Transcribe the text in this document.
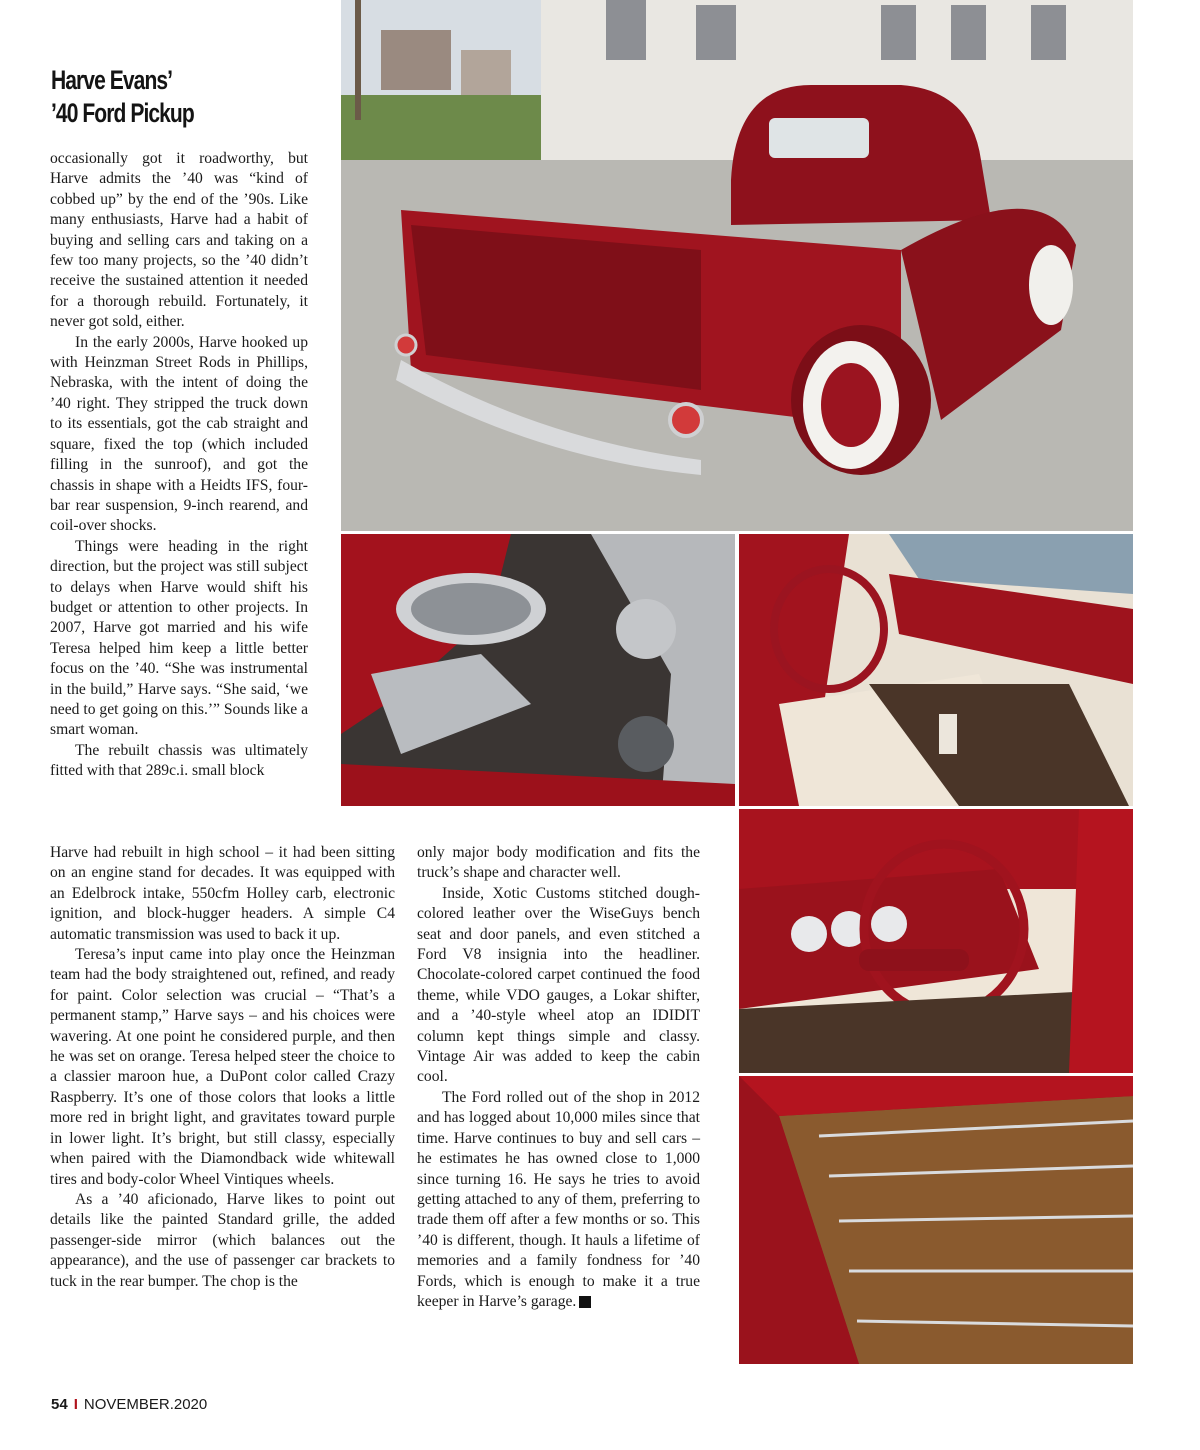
Harve Evans’
’40 Ford Pickup

occasionally got it roadworthy, but Harve admits the ’40 was “kind of cobbed up” by the end of the ’90s. Like many enthusiasts, Harve had a habit of buying and selling cars and taking on a few too many projects, so the ’40 didn’t receive the sustained attention it needed for a thorough rebuild. Fortunately, it never got sold, either.

In the early 2000s, Harve hooked up with Heinzman Street Rods in Phillips, Nebraska, with the intent of doing the ’40 right. They stripped the truck down to its essentials, got the cab straight and square, fixed the top (which included filling in the sunroof), and got the chassis in shape with a Heidts IFS, four-bar rear suspension, 9-inch rearend, and coil-over shocks.

Things were heading in the right direction, but the project was still subject to delays when Harve would shift his budget or attention to other projects. In 2007, Harve got married and his wife Teresa helped him keep a little better focus on the ’40. “She was instrumental in the build,” Harve says. “She said, ‘we need to get going on this.’” Sounds like a smart woman.

The rebuilt chassis was ultimately fitted with that 289c.i. small block

Harve had rebuilt in high school – it had been sitting on an engine stand for decades. It was equipped with an Edelbrock intake, 550cfm Holley carb, electronic ignition, and block-hugger headers. A simple C4 automatic transmission was used to back it up.

Teresa’s input came into play once the Heinzman team had the body straightened out, refined, and ready for paint. Color selection was crucial – “That’s a permanent stamp,” Harve says – and his choices were wavering. At one point he considered purple, and then he was set on orange. Teresa helped steer the choice to a classier maroon hue, a DuPont color called Crazy Raspberry. It’s one of those colors that looks a little more red in bright light, and gravitates toward purple in lower light. It’s bright, but still classy, especially when paired with the Diamondback wide whitewall tires and body-color Wheel Vintiques wheels.

As a ’40 aficionado, Harve likes to point out details like the painted Standard grille, the added passenger-side mirror (which balances out the appearance), and the use of passenger car brackets to tuck in the rear bumper. The chop is the

only major body modification and fits the truck’s shape and character well.

Inside, Xotic Customs stitched dough-colored leather over the WiseGuys bench seat and door panels, and even stitched a Ford V8 insignia into the headliner. Chocolate-colored carpet continued the food theme, while VDO gauges, a Lokar shifter, and a ’40-style wheel atop an IDIDIT column kept things simple and classy. Vintage Air was added to keep the cabin cool.

The Ford rolled out of the shop in 2012 and has logged about 10,000 miles since that time. Harve continues to buy and sell cars – he estimates he has owned close to 1,000 since turning 16. He says he tries to avoid getting attached to any of them, preferring to trade them off after a few months or so. This ’40 is different, though. It hauls a lifetime of memories and a family fondness for ’40 Fords, which is enough to make it a true keeper in Harve’s garage.	GG

54 I NOVEMBER.2020
